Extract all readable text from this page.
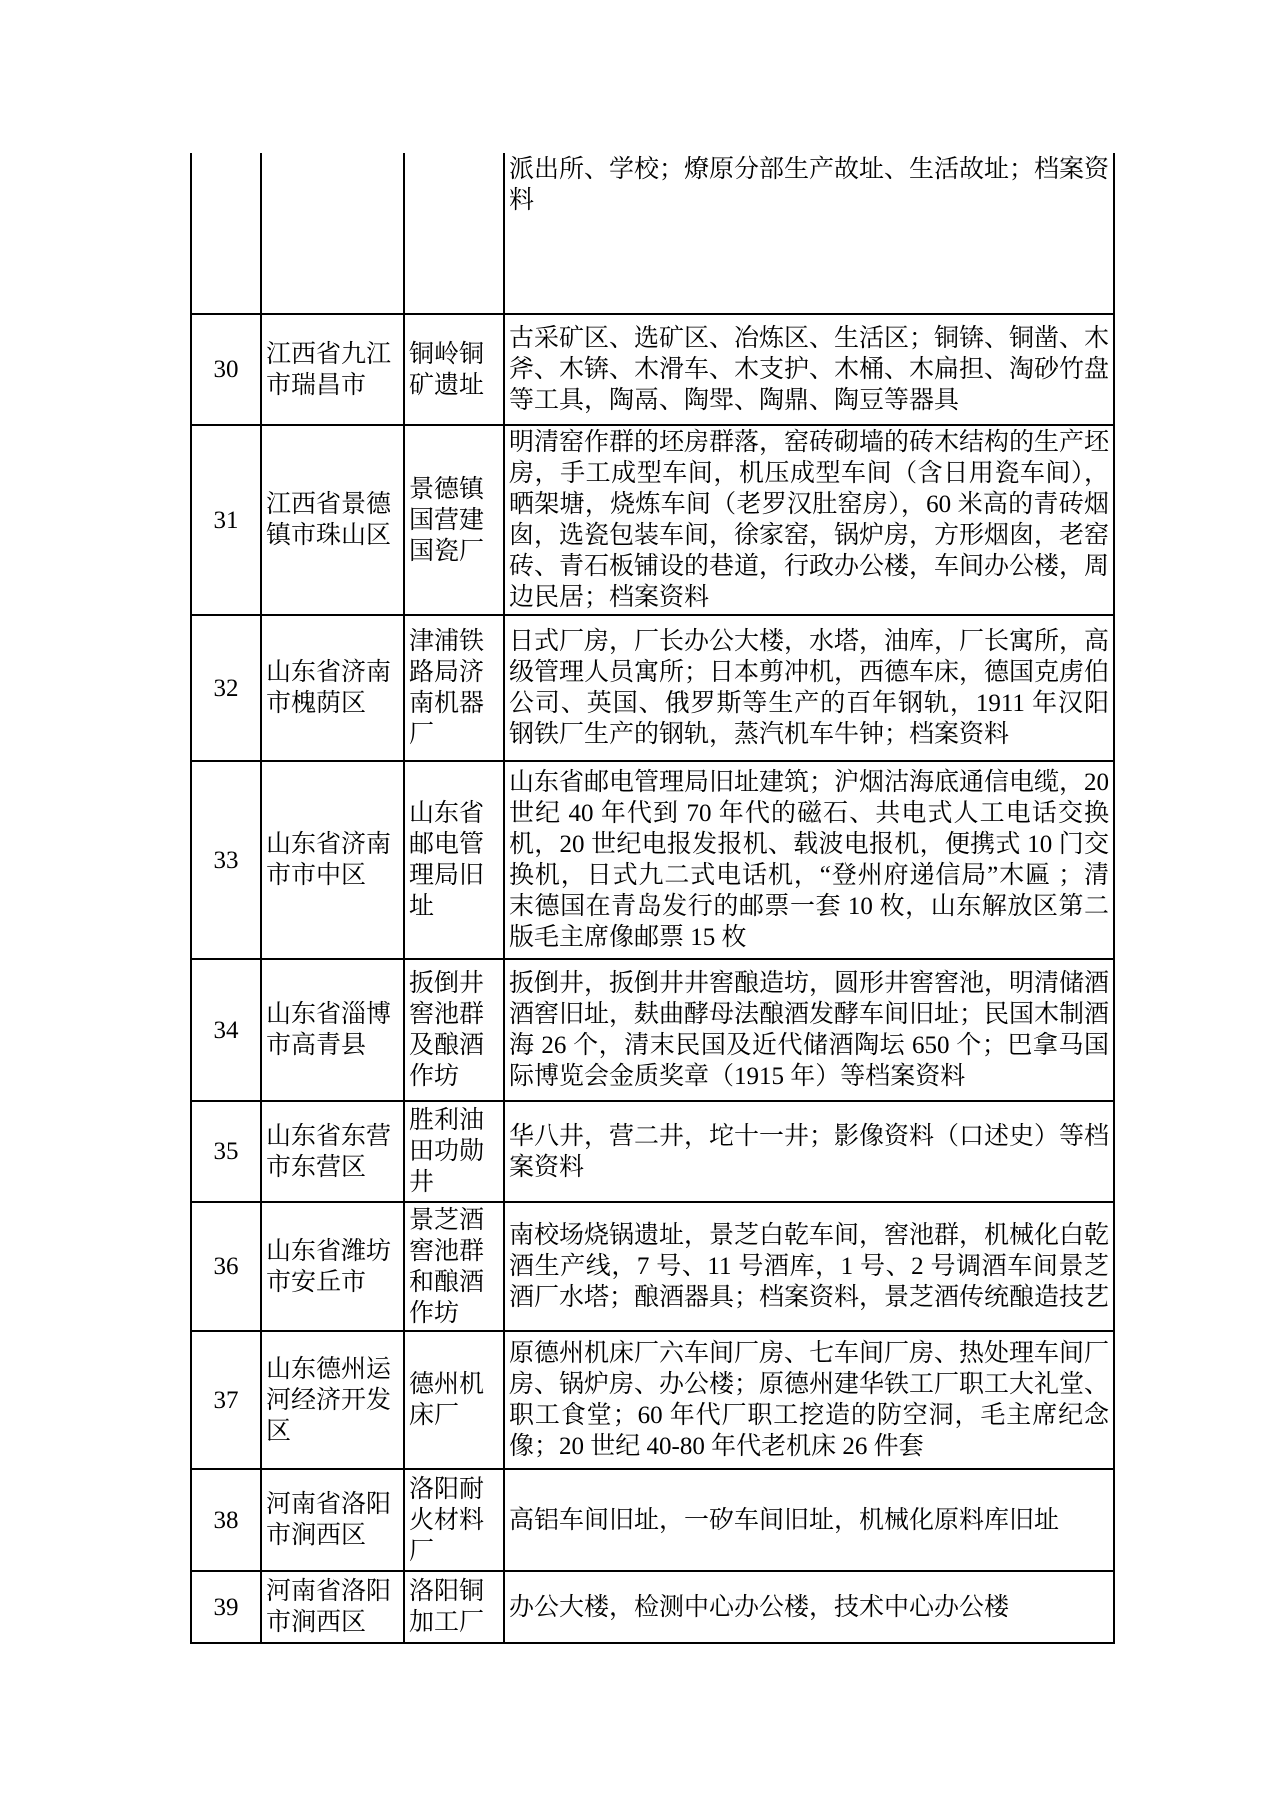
			派出所、学校；燎原分部生产故址、生活故址；档案资料
30	江西省九江市瑞昌市	铜岭铜矿遗址	古采矿区、选矿区、冶炼区、生活区；铜锛、铜凿、木斧、木锛、木滑车、木支护、木桶、木扁担、淘砂竹盘等工具，陶鬲、陶斝、陶鼎、陶豆等器具
31	江西省景德镇市珠山区	景德镇国营建国瓷厂	明清窑作群的坯房群落，窑砖砌墙的砖木结构的生产坯房，手工成型车间，机压成型车间（含日用瓷车间），晒架塘，烧炼车间（老罗汉肚窑房），60 米高的青砖烟囱，选瓷包装车间，徐家窑，锅炉房，方形烟囱，老窑砖、青石板铺设的巷道，行政办公楼，车间办公楼，周边民居；档案资料
32	山东省济南市槐荫区	津浦铁路局济南机器厂	日式厂房，厂长办公大楼，水塔，油库，厂长寓所，高级管理人员寓所；日本剪冲机，西德车床，德国克虏伯公司、英国、俄罗斯等生产的百年钢轨，1911 年汉阳钢铁厂生产的钢轨，蒸汽机车牛钟；档案资料
33	山东省济南市市中区	山东省邮电管理局旧址	山东省邮电管理局旧址建筑；沪烟沽海底通信电缆，20 世纪 40 年代到 70 年代的磁石、共电式人工电话交换机，20 世纪电报发报机、载波电报机，便携式 10 门交换机，日式九二式电话机，“登州府递信局”木匾 ；清末德国在青岛发行的邮票一套 10 枚，山东解放区第二版毛主席像邮票 15 枚
34	山东省淄博市高青县	扳倒井窖池群及酿酒作坊	扳倒井，扳倒井井窖酿造坊，圆形井窖窖池，明清储酒酒窖旧址，麸曲酵母法酿酒发酵车间旧址；民国木制酒海 26 个，清末民国及近代储酒陶坛 650 个；巴拿马国际博览会金质奖章（1915 年）等档案资料
35	山东省东营市东营区	胜利油田功勋井	华八井，营二井，坨十一井；影像资料（口述史）等档案资料
36	山东省潍坊市安丘市	景芝酒窖池群和酿酒作坊	南校场烧锅遗址，景芝白乾车间，窖池群，机械化白乾酒生产线，7 号、11 号酒库，1 号、2 号调酒车间景芝酒厂水塔；酿酒器具；档案资料，景芝酒传统酿造技艺
37	山东德州运河经济开发区	德州机床厂	原德州机床厂六车间厂房、七车间厂房、热处理车间厂房、锅炉房、办公楼；原德州建华铁工厂职工大礼堂、职工食堂；60 年代厂职工挖造的防空洞，毛主席纪念像；20 世纪 40-80 年代老机床 26 件套
38	河南省洛阳市涧西区	洛阳耐火材料厂	高铝车间旧址，一矽车间旧址，机械化原料库旧址
39	河南省洛阳市涧西区	洛阳铜加工厂	办公大楼，检测中心办公楼，技术中心办公楼
